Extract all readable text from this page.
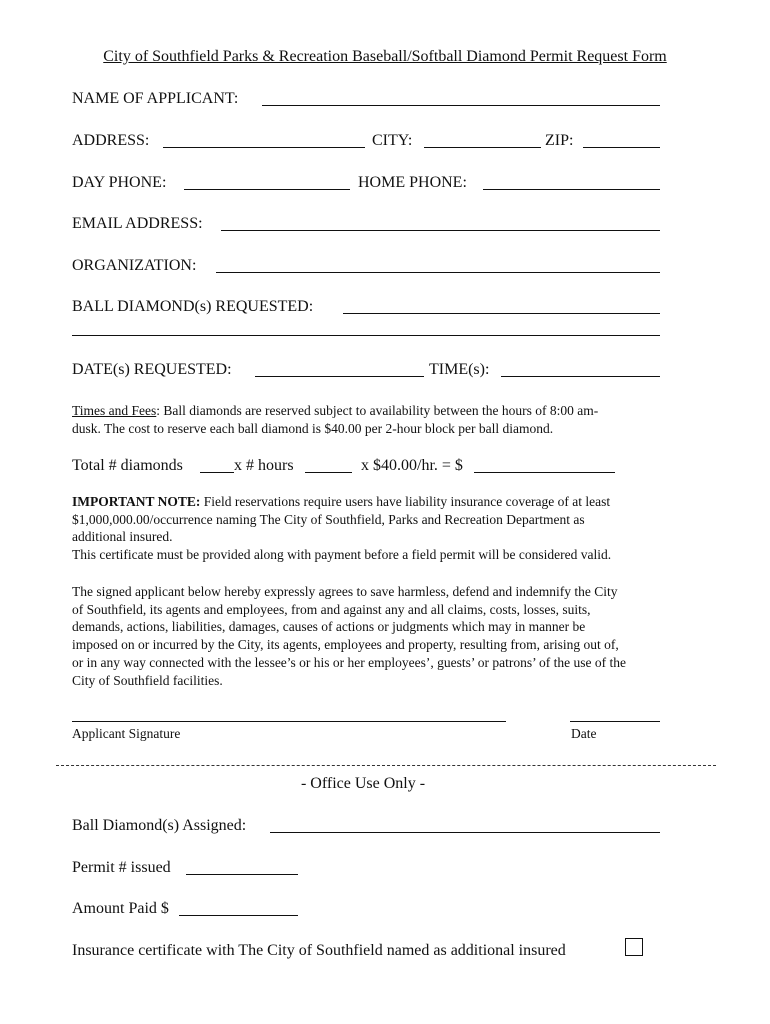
City of Southfield Parks & Recreation Baseball/Softball Diamond Permit Request Form
NAME OF APPLICANT:
ADDRESS:	CITY:	ZIP:
DAY PHONE:	HOME PHONE:
EMAIL ADDRESS:
ORGANIZATION:
BALL DIAMOND(s) REQUESTED:
DATE(s) REQUESTED:	TIME(s):
Times and Fees: Ball diamonds are reserved subject to availability between the hours of 8:00 am-
dusk. The cost to reserve each ball diamond is $40.00 per 2-hour block per ball diamond.
Total # diamonds	x # hours	x $40.00/hr. = $
IMPORTANT NOTE: Field reservations require users have liability insurance coverage of at least
$1,000,000.00/occurrence naming The City of Southfield, Parks and Recreation Department as
additional insured.
This certificate must be provided along with payment before a field permit will be considered valid.
The signed applicant below hereby expressly agrees to save harmless, defend and indemnify the City
of Southfield, its agents and employees, from and against any and all claims, costs, losses, suits,
demands, actions, liabilities, damages, causes of actions or judgments which may in manner be
imposed on or incurred by the City, its agents, employees and property, resulting from, arising out of,
or in any way connected with the lessee’s or his or her employees’, guests’ or patrons’ of the use of the
City of Southfield facilities.
Applicant Signature	Date
- Office Use Only -
Ball Diamond(s) Assigned:
Permit # issued
Amount Paid $
Insurance certificate with The City of Southfield named as additional insured
